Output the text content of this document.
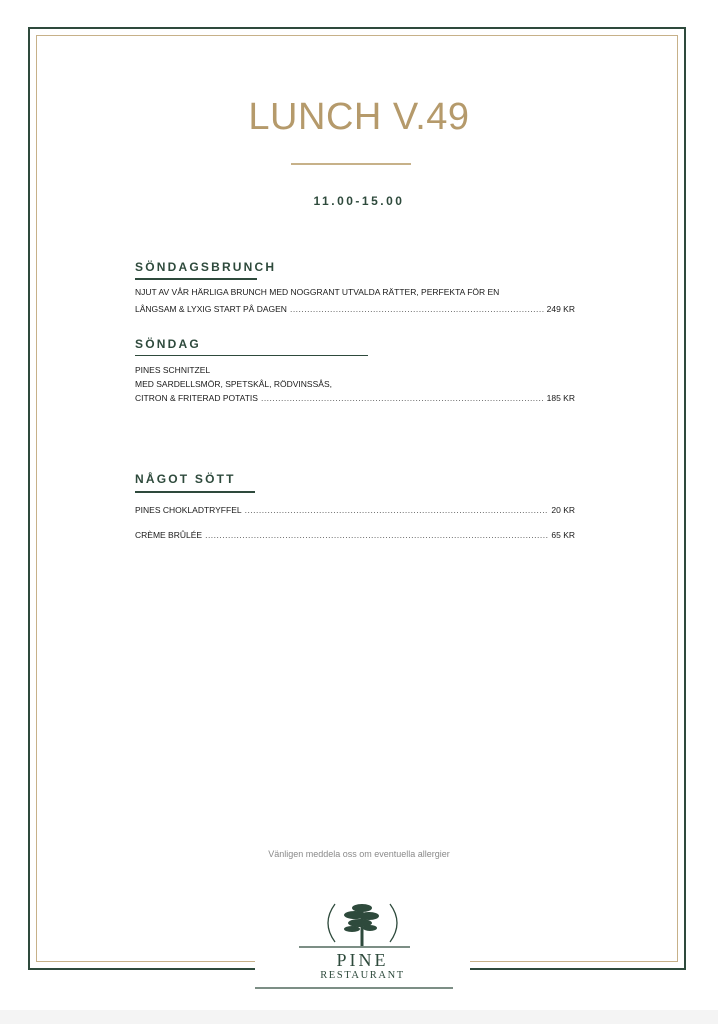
LUNCH V.49
11.00-15.00
SÖNDAGSBRUNCH
NJUT AV VÅR HÄRLIGA BRUNCH MED NOGGRANT UTVALDA RÄTTER, PERFEKTA FÖR EN
LÅNGSAM & LYXIG START PÅ DAGEN .....	249 KR
SÖNDAG
PINES SCHNITZEL
MED SARDELLSMÖR, SPETSKÅL, RÖDVINSSÅS,
CITRON & FRITERAD POTATIS .....	185 KR
NÅGOT SÖTT
PINES CHOKLADTRYFFEL .....	20 KR
CRÈME BRÛLÉE .....	65 KR
Vänligen meddela oss om eventuella allergier
PINE
RESTAURANT
